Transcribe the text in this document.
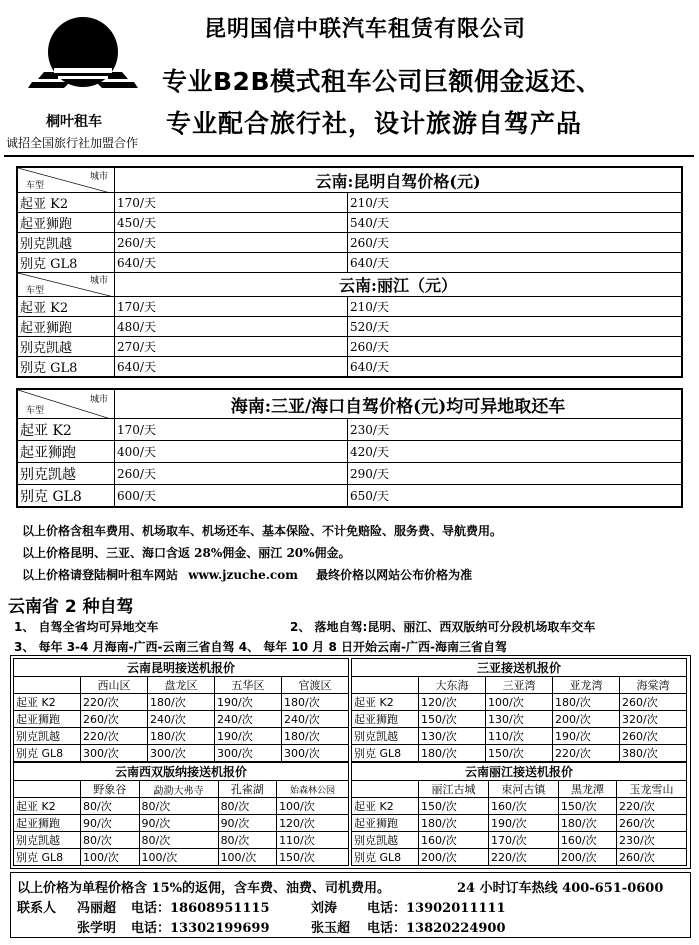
桐叶租车
诚招全国旅行社加盟合作
昆明国信中联汽车租赁有限公司
专业B2B模式租车公司巨额佣金返还、
专业配合旅行社，设计旅游自驾产品
城市
车型	云南:昆明自驾价格(元)	
起亚 K2	170/天	210/天
起亚狮跑	450/天	540/天
别克凯越	260/天	260/天
别克 GL8	640/天	640/天

城市
车型	云南:丽江（元）	
起亚 K2	170/天	210/天
起亚狮跑	480/天	520/天
别克凯越	270/天	260/天
别克 GL8	640/天	640/天
城市
车型	海南:三亚/海口自驾价格(元)均可异地取还车	
起亚 K2	170/天	230/天
起亚狮跑	400/天	420/天
别克凯越	260/天	290/天
别克 GL8	600/天	650/天
以上价格含租车费用、机场取车、机场还车、基本保险、不计免赔险、服务费、导航费用。
以上价格昆明、三亚、海口含返 28%佣金、丽江 20%佣金。
以上价格请登陆桐叶租车网站 www.jzuche.com 最终价格以网站公布价格为准
云南省 2 种自驾
1、 自驾全省均可异地交车	2、 落地自驾:昆明、丽江、西双版纳可分段机场取车交车
3、 每年 3-4 月海南-广西-云南三省自驾 4、 每年 10 月 8 日开始云南-广西-海南三省自驾
云南昆明接送机报价				
	西山区	盘龙区	五华区	官渡区
起亚 K2	220/次	180/次	190/次	180/次
起亚狮跑	260/次	240/次	240/次	240/次
别克凯越	220/次	180/次	190/次	180/次
别克 GL8	300/次	300/次	300/次	300/次
三亚接送机报价				
	大东海	三亚湾	亚龙湾	海棠湾
起亚 K2	120/次	100/次	180/次	260/次
起亚狮跑	150/次	130/次	200/次	320/次
别克凯越	130/次	110/次	190/次	260/次
别克 GL8	180/次	150/次	220/次	380/次
云南西双版纳接送机报价				
	野象谷	勐泐大弗寺	孔雀湖	始森林公园
起亚 K2	80/次	80/次	80/次	100/次
起亚狮跑	90/次	90/次	90/次	120/次
别克凯越	80/次	80/次	80/次	110/次
别克 GL8	100/次	100/次	100/次	150/次
云南丽江接送机报价				
	丽江古城	束河古镇	黑龙潭	玉龙雪山
起亚 K2	150/次	160/次	150/次	220/次
起亚狮跑	180/次	190/次	180/次	260/次
别克凯越	160/次	170/次	160/次	230/次
别克 GL8	200/次	220/次	200/次	260/次
以上价格为单程价格含 15%的返佣，含车费、油费、司机费用。	24 小时订车热线 400-651-0600
联系人 冯丽超 电话：18608951115	刘涛 电话：13902011111
张学明 电话：13302199699	张玉超 电话：13820224900
